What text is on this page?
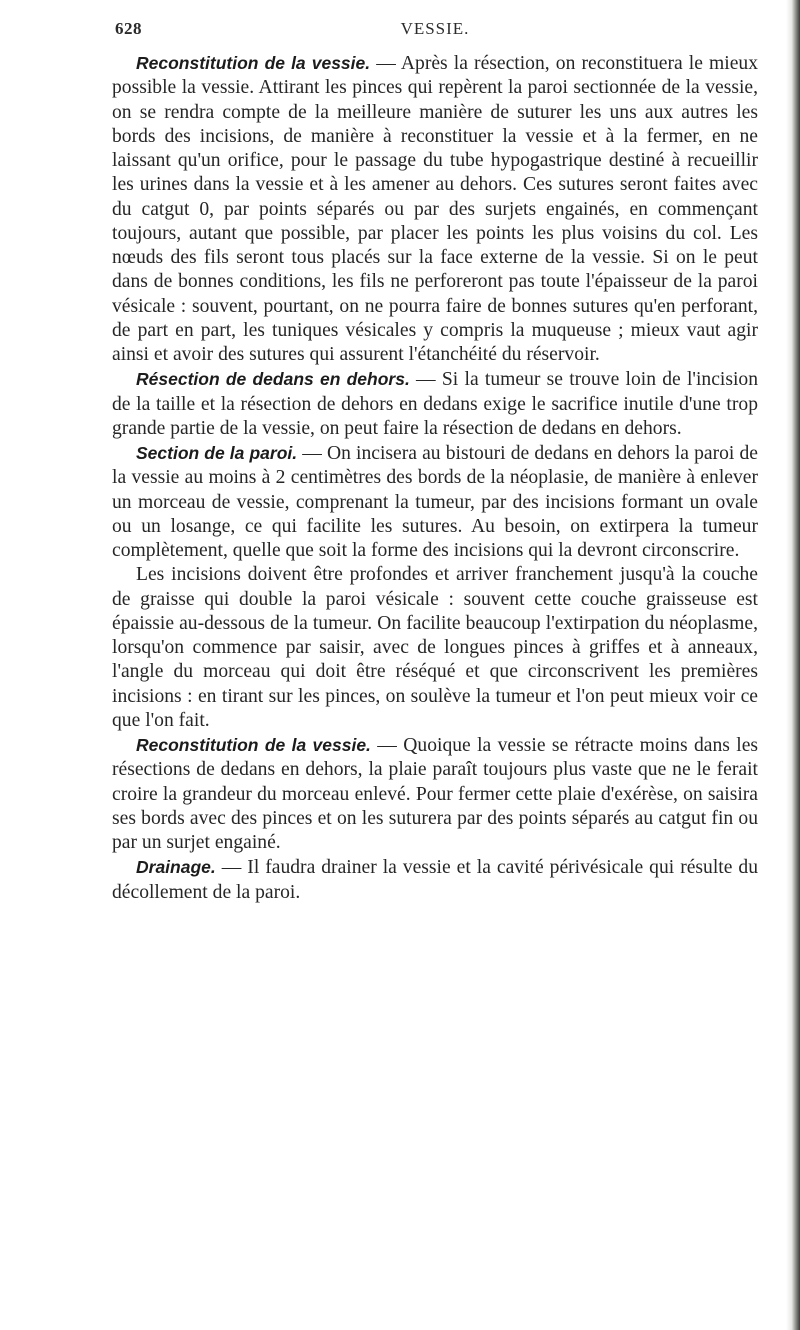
628	VESSIE.

Reconstitution de la vessie. — Après la résection, on reconstituera le mieux possible la vessie. Attirant les pinces qui repèrent la paroi sectionnée de la vessie, on se rendra compte de la meilleure manière de suturer les uns aux autres les bords des incisions, de manière à reconstituer la vessie et à la fermer, en ne laissant qu'un orifice, pour le passage du tube hypogastrique destiné à recueillir les urines dans la vessie et à les amener au dehors. Ces sutures seront faites avec du catgut 0, par points séparés ou par des surjets engainés, en commençant toujours, autant que possible, par placer les points les plus voisins du col. Les nœuds des fils seront tous placés sur la face externe de la vessie. Si on le peut dans de bonnes conditions, les fils ne perforeront pas toute l'épaisseur de la paroi vésicale : souvent, pourtant, on ne pourra faire de bonnes sutures qu'en perforant, de part en part, les tuniques vésicales y compris la muqueuse ; mieux vaut agir ainsi et avoir des sutures qui assurent l'étanchéité du réservoir.

Résection de dedans en dehors. — Si la tumeur se trouve loin de l'incision de la taille et la résection de dehors en dedans exige le sacrifice inutile d'une trop grande partie de la vessie, on peut faire la résection de dedans en dehors.

Section de la paroi. — On incisera au bistouri de dedans en dehors la paroi de la vessie au moins à 2 centimètres des bords de la néoplasie, de manière à enlever un morceau de vessie, comprenant la tumeur, par des incisions formant un ovale ou un losange, ce qui facilite les sutures. Au besoin, on extirpera la tumeur complètement, quelle que soit la forme des incisions qui la devront circonscrire.

Les incisions doivent être profondes et arriver franchement jusqu'à la couche de graisse qui double la paroi vésicale : souvent cette couche graisseuse est épaissie au-dessous de la tumeur. On facilite beaucoup l'extirpation du néoplasme, lorsqu'on commence par saisir, avec de longues pinces à griffes et à anneaux, l'angle du morceau qui doit être réséqué et que circonscrivent les premières incisions : en tirant sur les pinces, on soulève la tumeur et l'on peut mieux voir ce que l'on fait.

Reconstitution de la vessie. — Quoique la vessie se rétracte moins dans les résections de dedans en dehors, la plaie paraît toujours plus vaste que ne le ferait croire la grandeur du morceau enlevé. Pour fermer cette plaie d'exérèse, on saisira ses bords avec des pinces et on les suturera par des points séparés au catgut fin ou par un surjet engainé.

Drainage. — Il faudra drainer la vessie et la cavité périvésicale qui résulte du décollement de la paroi.
